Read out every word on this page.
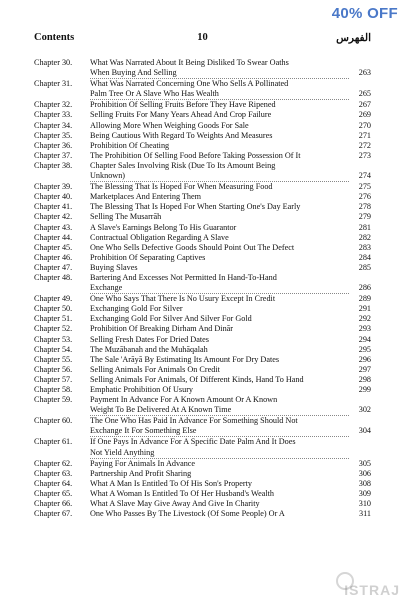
40% OFF
Contents	10	الفهرس
Chapter 30.	What Was Narrated About It Being Disliked To Swear Oaths
When Buying And Selling	263
Chapter 31.	What Was Narrated Concerning One Who Sells A Pollinated
Palm Tree Or A Slave Who Has Wealth	265
Chapter 32.	Prohibition Of Selling Fruits Before They Have Ripened	267
Chapter 33.	Selling Fruits For Many Years Ahead And Crop Failure	269
Chapter 34.	Allowing More When Weighing Goods For Sale	270
Chapter 35.	Being Cautious With Regard To Weights And Measures	271
Chapter 36.	Prohibition Of Cheating	272
Chapter 37.	The Prohibition Of Selling Food Before Taking Possession Of It	273
Chapter 38.	Chapter Sales Involving Risk (Due To Its Amount Being
Unknown)	274
Chapter 39.	The Blessing That Is Hoped For When Measuring Food	275
Chapter 40.	Marketplaces And Entering Them	276
Chapter 41.	The Blessing That Is Hoped For When Starting One's Day Early	278
Chapter 42.	Selling The Musarrāh	279
Chapter 43.	A Slave's Earnings Belong To His Guarantor	281
Chapter 44.	Contractual Obligation Regarding A Slave	282
Chapter 45.	One Who Sells Defective Goods Should Point Out The Defect	283
Chapter 46.	Prohibition Of Separating Captives	284
Chapter 47.	Buying Slaves	285
Chapter 48.	Bartering And Excesses Not Permitted In Hand-To-Hand
Exchange	286
Chapter 49.	One Who Says That There Is No Usury Except In Credit	289
Chapter 50.	Exchanging Gold For Silver	291
Chapter 51.	Exchanging Gold For Silver And Silver For Gold	292
Chapter 52.	Prohibition Of Breaking Dirham And Dinār	293
Chapter 53.	Selling Fresh Dates For Dried Dates	294
Chapter 54.	The Muzābanah and the Muhāqalah	295
Chapter 55.	The Sale 'Arāyā By Estimating Its Amount For Dry Dates	296
Chapter 56.	Selling Animals For Animals On Credit	297
Chapter 57.	Selling Animals For Animals, Of Different Kinds, Hand To Hand	298
Chapter 58.	Emphatic Prohibition Of Usury	299
Chapter 59.	Payment In Advance For A Known Amount Or A Known
Weight To Be Delivered At A Known Time	302
Chapter 60.	The One Who Has Paid In Advance For Something Should Not
Exchange It For Something Else	304
Chapter 61.	If One Pays In Advance For A Specific Date Palm And It Does
Not Yield Anything
Chapter 62.	Paying For Animals In Advance	305
Chapter 63.	Partnership And Profit Sharing	306
Chapter 64.	What A Man Is Entitled To Of His Son's Property	308
Chapter 65.	What A Woman Is Entitled To Of Her Husband's Wealth	309
Chapter 66.	What A Slave May Give Away And Give In Charity	310
Chapter 67.	One Who Passes By The Livestock (Of Some People) Or A	311
ISTRAJ
